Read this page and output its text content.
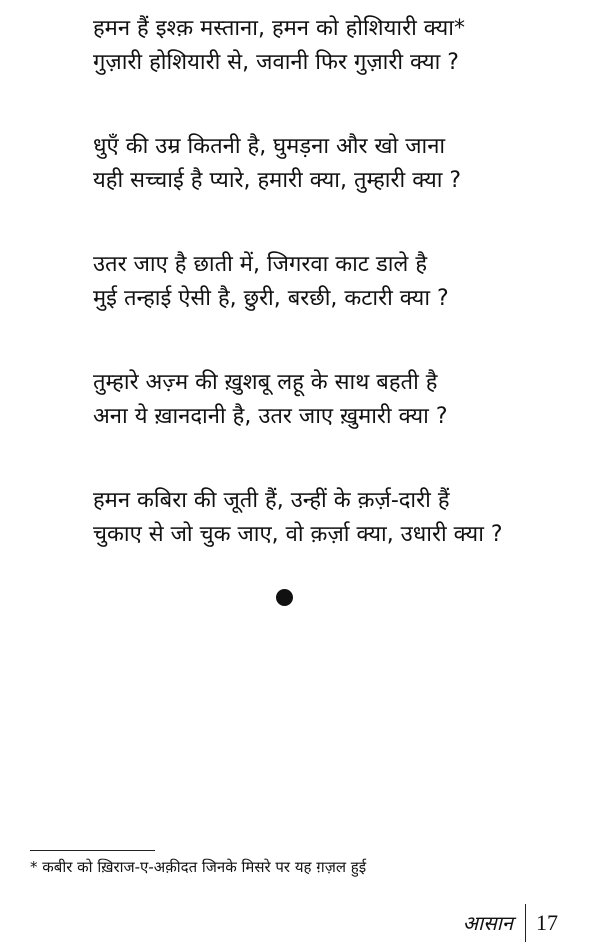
हमन हैं इश्क़ मस्ताना, हमन को होशियारी क्या*
गुज़ारी होशियारी से, जवानी फिर गुज़ारी क्या ?
धुएँ की उम्र कितनी है, घुमड़ना और खो जाना
यही सच्चाई है प्यारे, हमारी क्या, तुम्हारी क्या ?
उतर जाए है छाती में, जिगरवा काट डाले है
मुई तन्हाई ऐसी है, छुरी, बरछी, कटारी क्या ?
तुम्हारे अज़्म की ख़ुशबू लहू के साथ बहती है
अना ये ख़ानदानी है, उतर जाए ख़ुमारी क्या ?
हमन कबिरा की जूती हैं, उन्हीं के क़र्ज़-दारी हैं
चुकाए से जो चुक जाए, वो क़र्ज़ा क्या, उधारी क्या ?
* कबीर को ख़िराज-ए-अक़ीदत जिनके मिसरे पर यह ग़ज़ल हुई
आसान 17
